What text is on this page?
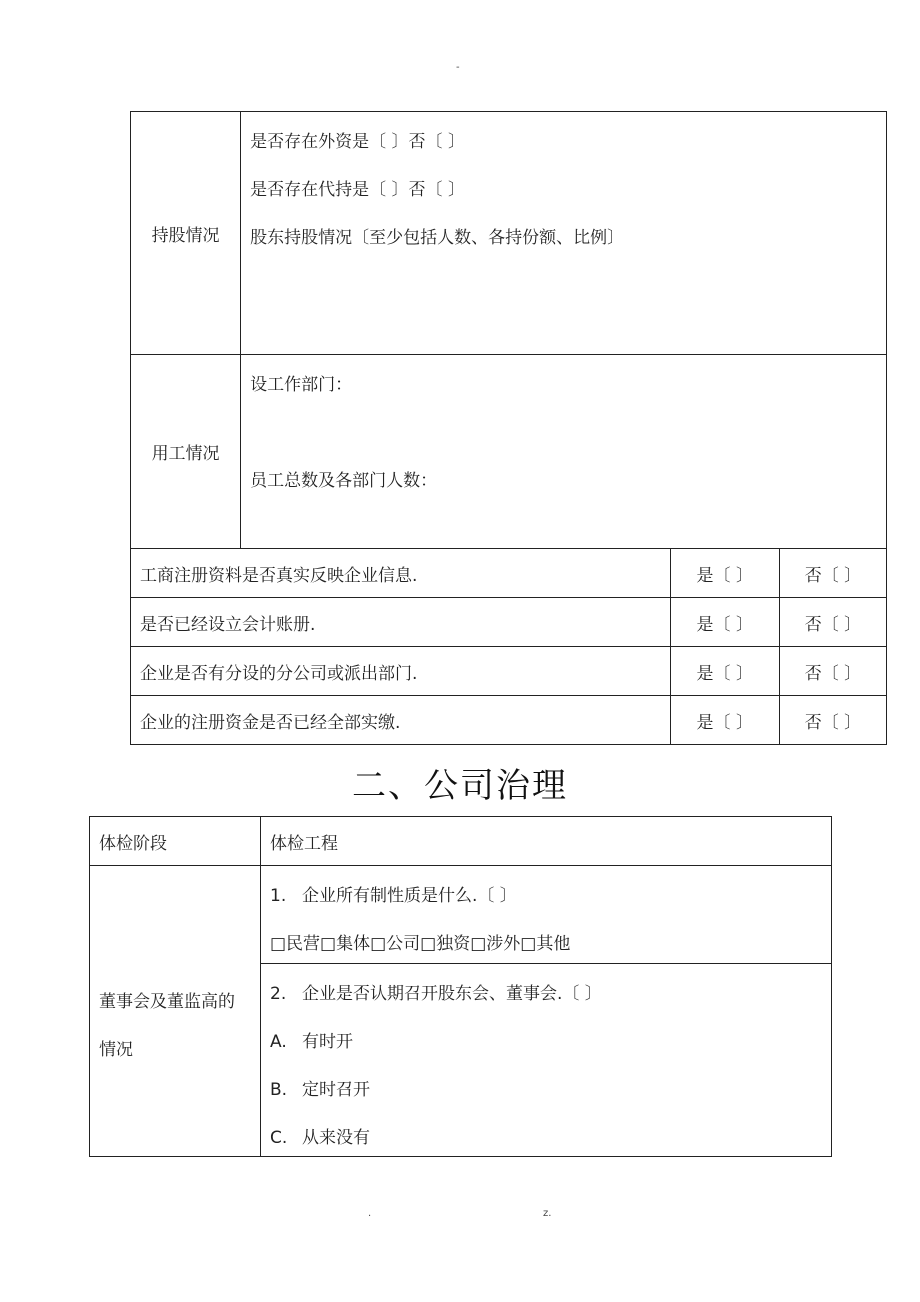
-
持股情况	是否存在外资是〔 〕否〔 〕
是否存在代持是〔 〕否〔 〕
股东持股情况〔至少包括人数、各持份额、比例〕		

用工情况	设工作部门：
员工总数及各部门人数：		

工商注册资料是否真实反映企业信息.		是〔 〕	否〔 〕
是否已经设立会计账册.		是〔 〕	否〔 〕
企业是否有分设的分公司或派出部门.		是〔 〕	否〔 〕
企业的注册资金是否已经全部实缴.		是〔 〕	否〔 〕
二、公司治理
体检阶段	体检工程

董事会及董监高的情况	1. 企业所有制性质是什么.〔 〕
□民营□集体□公司□独资□涉外□其他

	2. 企业是否认期召开股东会、董事会.〔 〕
A. 有时开
B. 定时召开
C. 从来没有
.	z.
